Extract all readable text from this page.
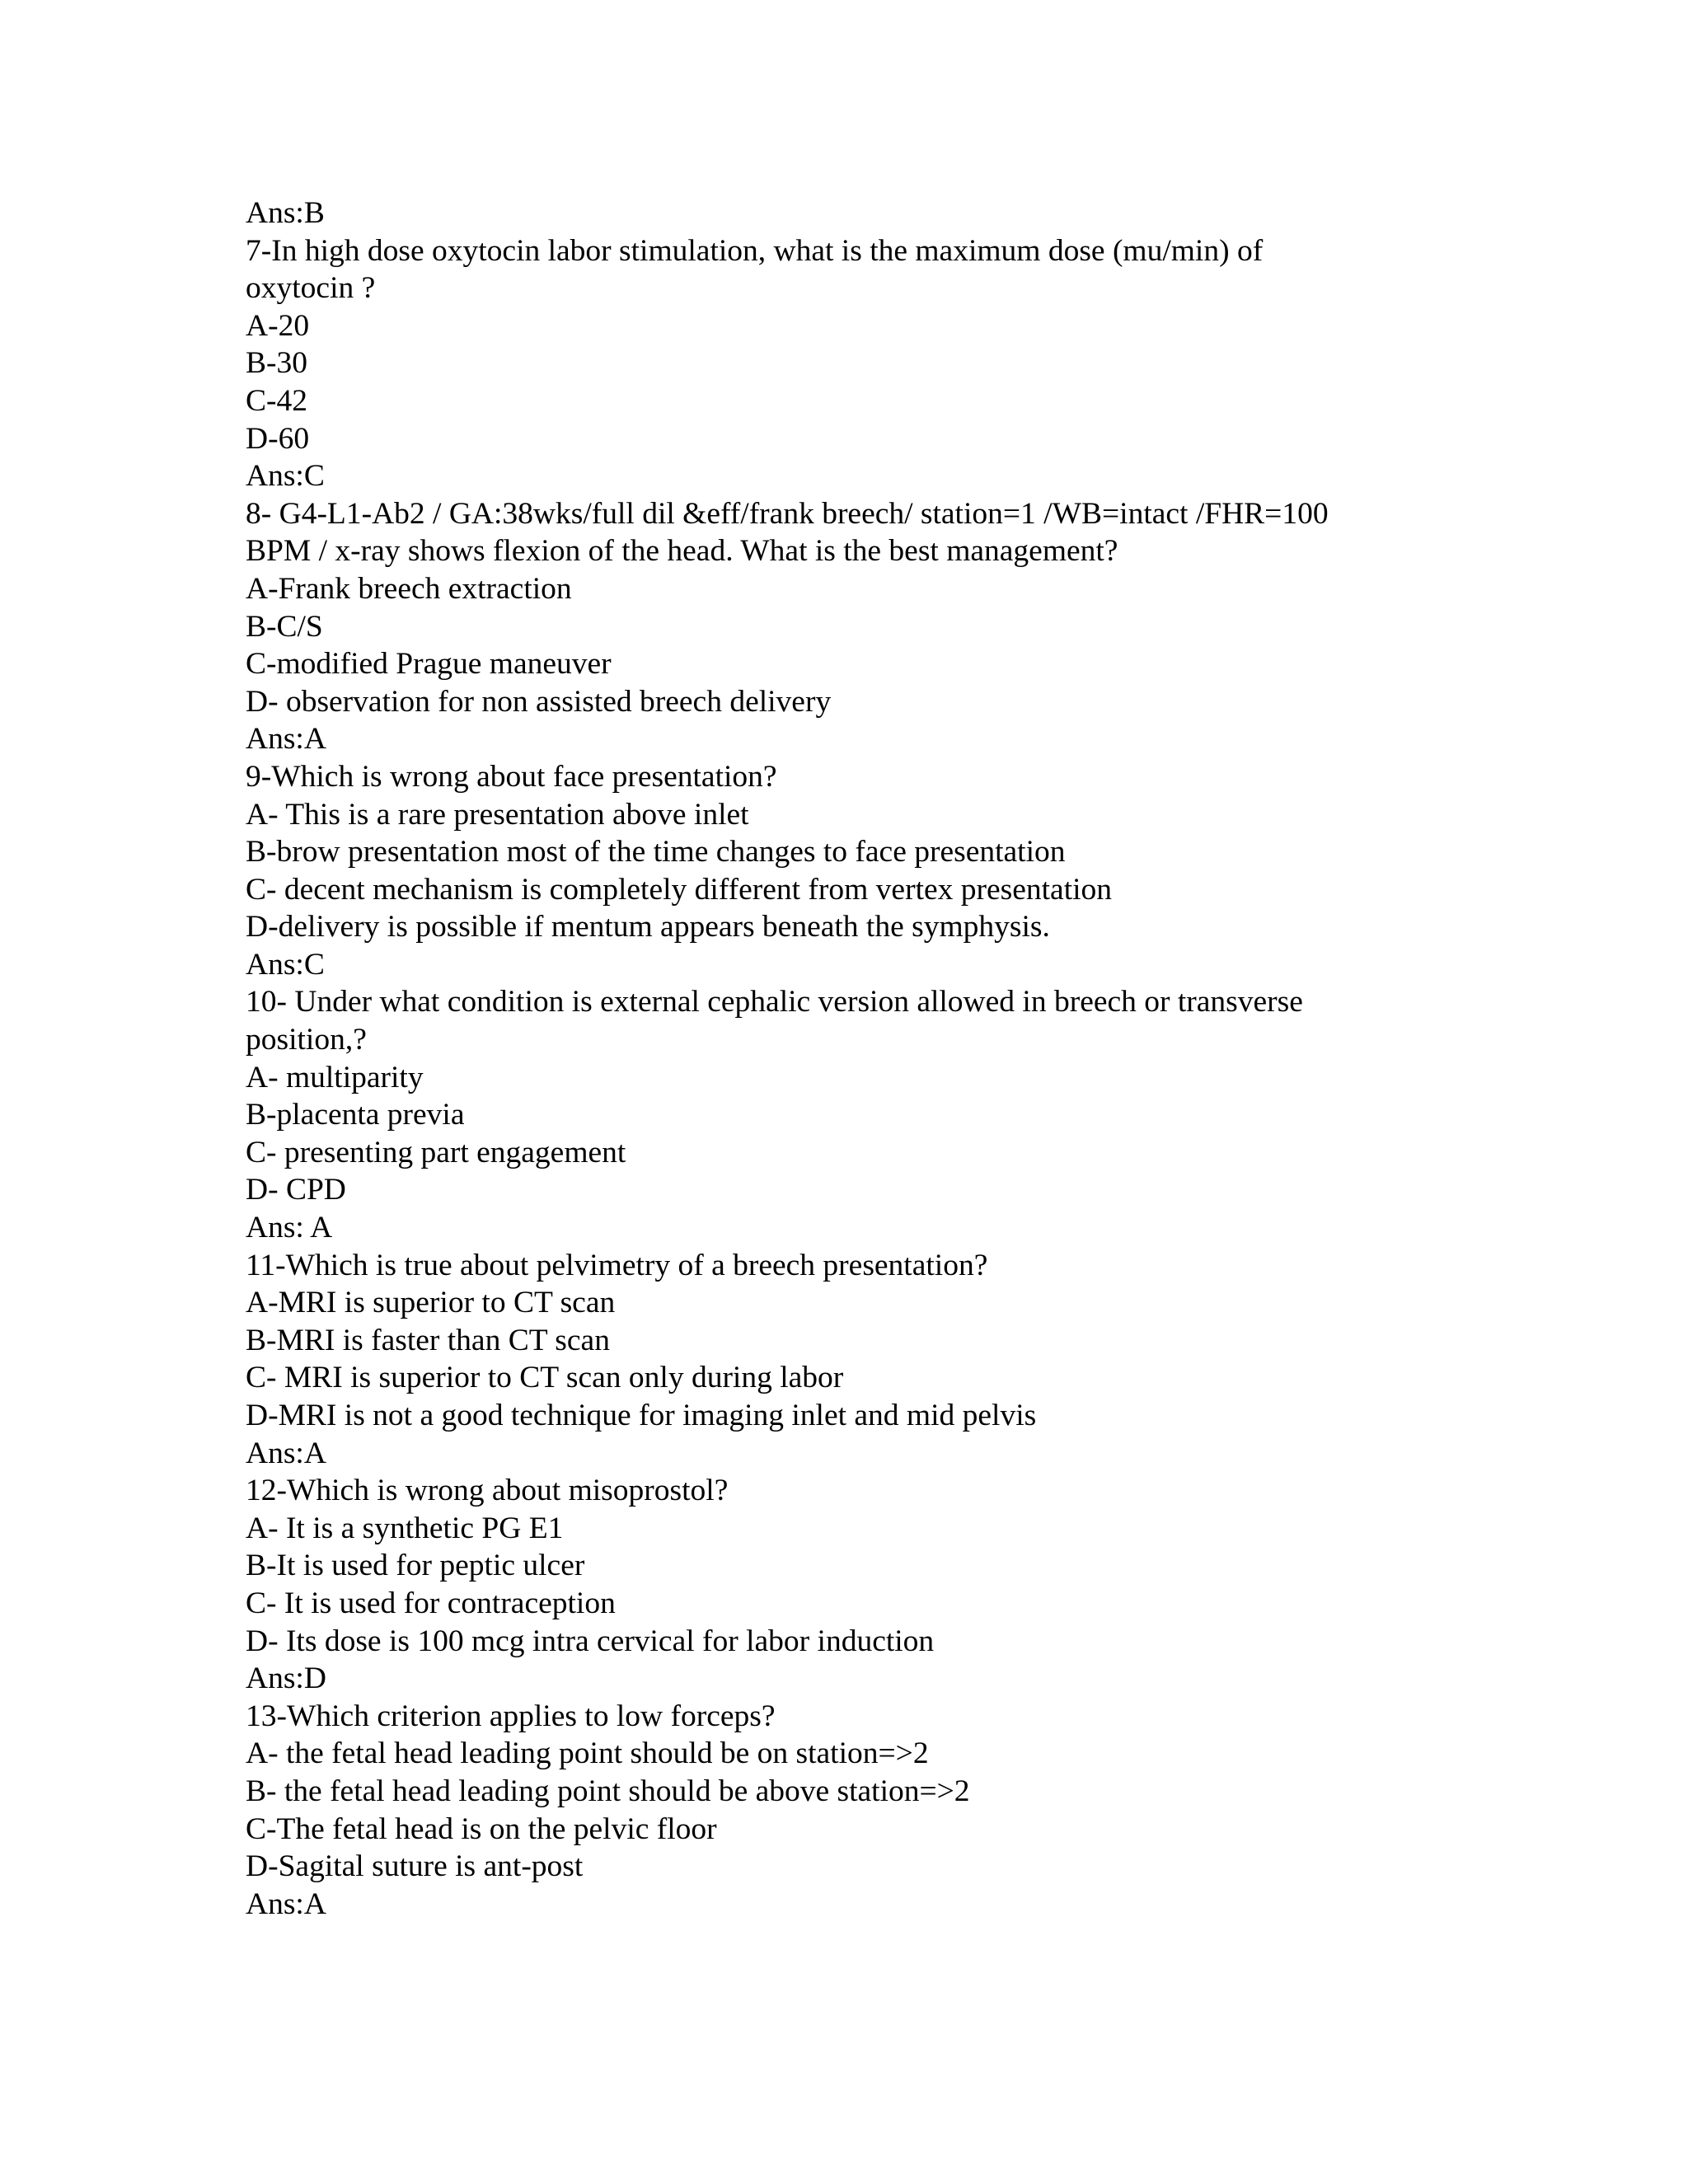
Ans:B
7-In high dose oxytocin labor stimulation, what is the maximum dose (mu/min) of
oxytocin ?
A-20
B-30
C-42
D-60
Ans:C
8- G4-L1-Ab2 / GA:38wks/full dil &eff/frank breech/ station=1 /WB=intact /FHR=100
BPM / x-ray shows flexion of the head. What is the best management?
A-Frank breech extraction
B-C/S
C-modified Prague maneuver
D- observation for non assisted breech delivery
Ans:A
9-Which is wrong about face presentation?
A- This is a rare presentation above inlet
B-brow presentation most of the time changes to face presentation
C- decent mechanism is completely different from vertex presentation
D-delivery is possible if mentum appears beneath the symphysis.
Ans:C
10- Under what condition is external cephalic version allowed in breech or transverse
position,?
A- multiparity
B-placenta previa
C- presenting part engagement
D- CPD
Ans: A
11-Which is true about pelvimetry of a breech presentation?
A-MRI is superior to CT scan
B-MRI is faster than CT scan
C- MRI is superior to CT scan only during labor
D-MRI is not a good technique for imaging inlet and mid pelvis
Ans:A
12-Which is wrong about misoprostol?
A- It is a synthetic PG E1
B-It is used for peptic ulcer
C- It is used for contraception
D- Its dose is 100 mcg intra cervical for labor induction
Ans:D
13-Which criterion applies to low forceps?
A- the fetal head leading point should be on station=>2
B- the fetal head leading point should be above station=>2
C-The fetal head is on the pelvic floor
D-Sagital suture is ant-post
Ans:A
